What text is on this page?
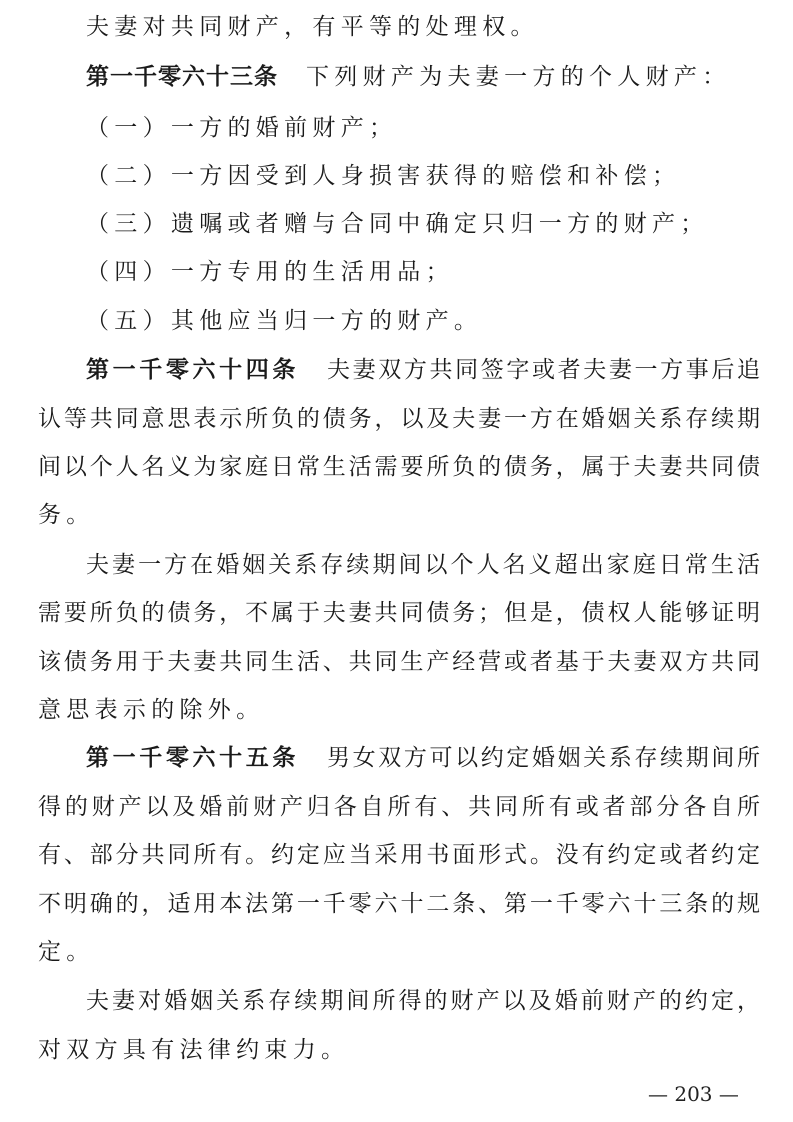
夫妻对共同财产，有平等的处理权。
第一千零六十三条 下列财产为夫妻一方的个人财产：
（一）一方的婚前财产；
（二）一方因受到人身损害获得的赔偿和补偿；
（三）遗嘱或者赠与合同中确定只归一方的财产；
（四）一方专用的生活用品；
（五）其他应当归一方的财产。
第一千零六十四条 夫妻双方共同签字或者夫妻一方事后追
认等共同意思表示所负的债务，以及夫妻一方在婚姻关系存续期
间以个人名义为家庭日常生活需要所负的债务，属于夫妻共同债
务。
夫妻一方在婚姻关系存续期间以个人名义超出家庭日常生活
需要所负的债务，不属于夫妻共同债务；但是，债权人能够证明
该债务用于夫妻共同生活、共同生产经营或者基于夫妻双方共同
意思表示的除外。
第一千零六十五条 男女双方可以约定婚姻关系存续期间所
得的财产以及婚前财产归各自所有、共同所有或者部分各自所
有、部分共同所有。约定应当采用书面形式。没有约定或者约定
不明确的，适用本法第一千零六十二条、第一千零六十三条的规
定。
夫妻对婚姻关系存续期间所得的财产以及婚前财产的约定，
对双方具有法律约束力。
— 203 —
